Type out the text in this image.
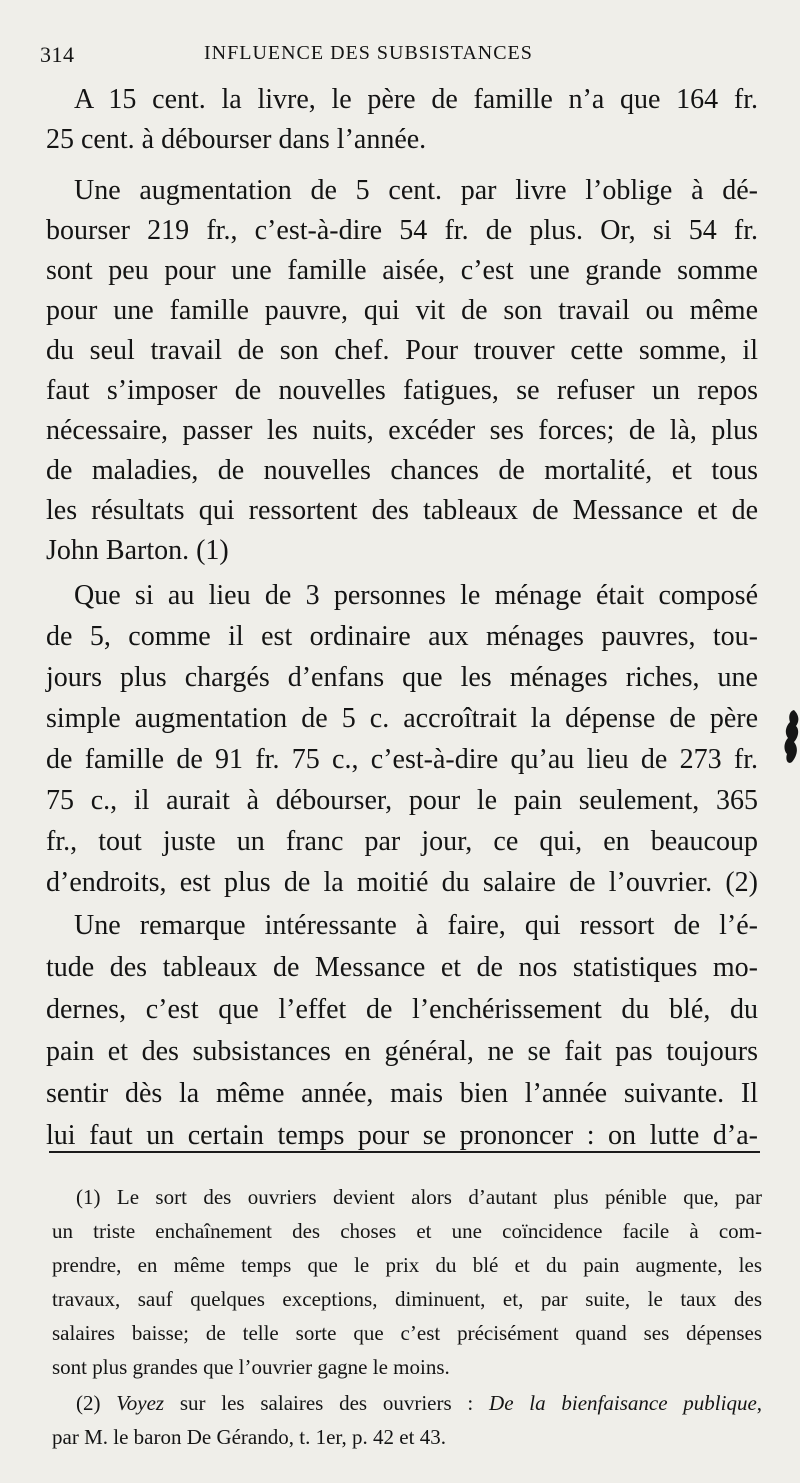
314	INFLUENCE DES SUBSISTANCES
A 15 cent. la livre, le père de famille n’a que 164 fr.
25 cent. à débourser dans l’année.
Une augmentation de 5 cent. par livre l’oblige à dé-
bourser 219 fr., c’est-à-dire 54 fr. de plus. Or, si 54 fr.
sont peu pour une famille aisée, c’est une grande somme
pour une famille pauvre, qui vit de son travail ou même
du seul travail de son chef. Pour trouver cette somme, il
faut s’imposer de nouvelles fatigues, se refuser un repos
nécessaire, passer les nuits, excéder ses forces; de là, plus
de maladies, de nouvelles chances de mortalité, et tous
les résultats qui ressortent des tableaux de Messance et de
John Barton. (1)
Que si au lieu de 3 personnes le ménage était composé
de 5, comme il est ordinaire aux ménages pauvres, tou-
jours plus chargés d’enfans que les ménages riches, une
simple augmentation de 5 c. accroîtrait la dépense de père
de famille de 91 fr. 75 c., c’est-à-dire qu’au lieu de 273 fr.
75 c., il aurait à débourser, pour le pain seulement, 365
fr., tout juste un franc par jour, ce qui, en beaucoup
d’endroits, est plus de la moitié du salaire de l’ouvrier. (2)
Une remarque intéressante à faire, qui ressort de l’é-
tude des tableaux de Messance et de nos statistiques mo-
dernes, c’est que l’effet de l’enchérissement du blé, du
pain et des subsistances en général, ne se fait pas toujours
sentir dès la même année, mais bien l’année suivante. Il
lui faut un certain temps pour se prononcer : on lutte d’a-
(1) Le sort des ouvriers devient alors d’autant plus pénible que, par
un triste enchaînement des choses et une coïncidence facile à com-
prendre, en même temps que le prix du blé et du pain augmente, les
travaux, sauf quelques exceptions, diminuent, et, par suite, le taux des
salaires baisse; de telle sorte que c’est précisément quand ses dépenses
sont plus grandes que l’ouvrier gagne le moins.
(2) Voyez sur les salaires des ouvriers : De la bienfaisance publique,
par M. le baron De Gérando, t. 1er, p. 42 et 43.
